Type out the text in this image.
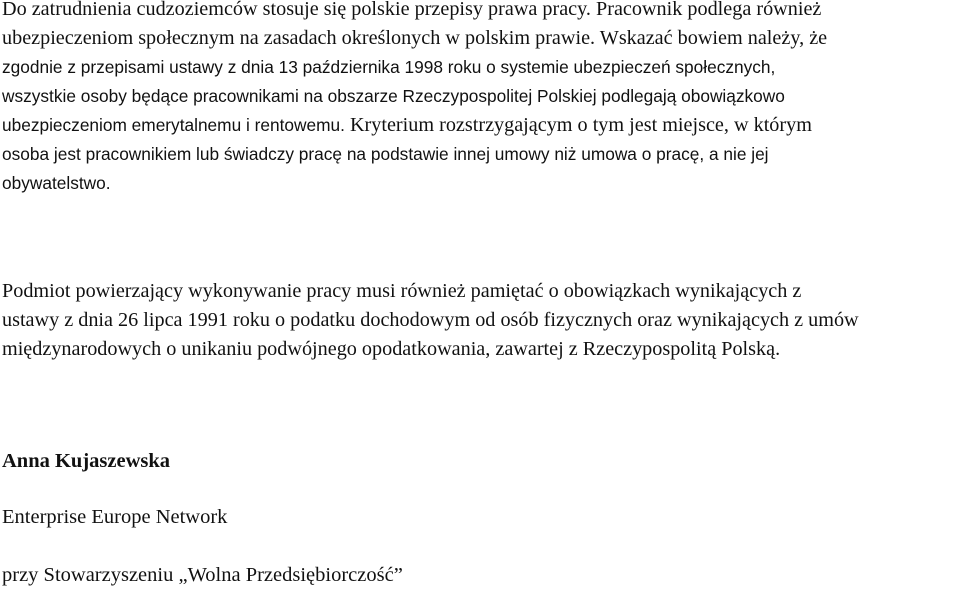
Do zatrudnienia cudzoziemców stosuje się polskie przepisy prawa pracy. Pracownik podlega również

ubezpieczeniom społecznym na zasadach określonych w polskim prawie. Wskazać bowiem należy, że

zgodnie z przepisami ustawy z dnia 13 października 1998 roku o systemie ubezpieczeń społecznych,

wszystkie osoby będące pracownikami na obszarze Rzeczypospolitej Polskiej podlegają obowiązkowo

ubezpieczeniom emerytalnemu i rentowemu. Kryterium rozstrzygającym o tym jest miejsce, w którym

osoba jest pracownikiem lub świadczy pracę na podstawie innej umowy niż umowa o pracę, a nie jej

obywatelstwo.

Podmiot powierzający wykonywanie pracy musi również pamiętać o obowiązkach wynikających z

ustawy z dnia 26 lipca 1991 roku o podatku dochodowym od osób fizycznych oraz wynikających z umów

międzynarodowych o unikaniu podwójnego opodatkowania, zawartej z Rzeczypospolitą Polską.

Anna Kujaszewska

Enterprise Europe Network

przy Stowarzyszeniu „Wolna Przedsiębiorczość”
